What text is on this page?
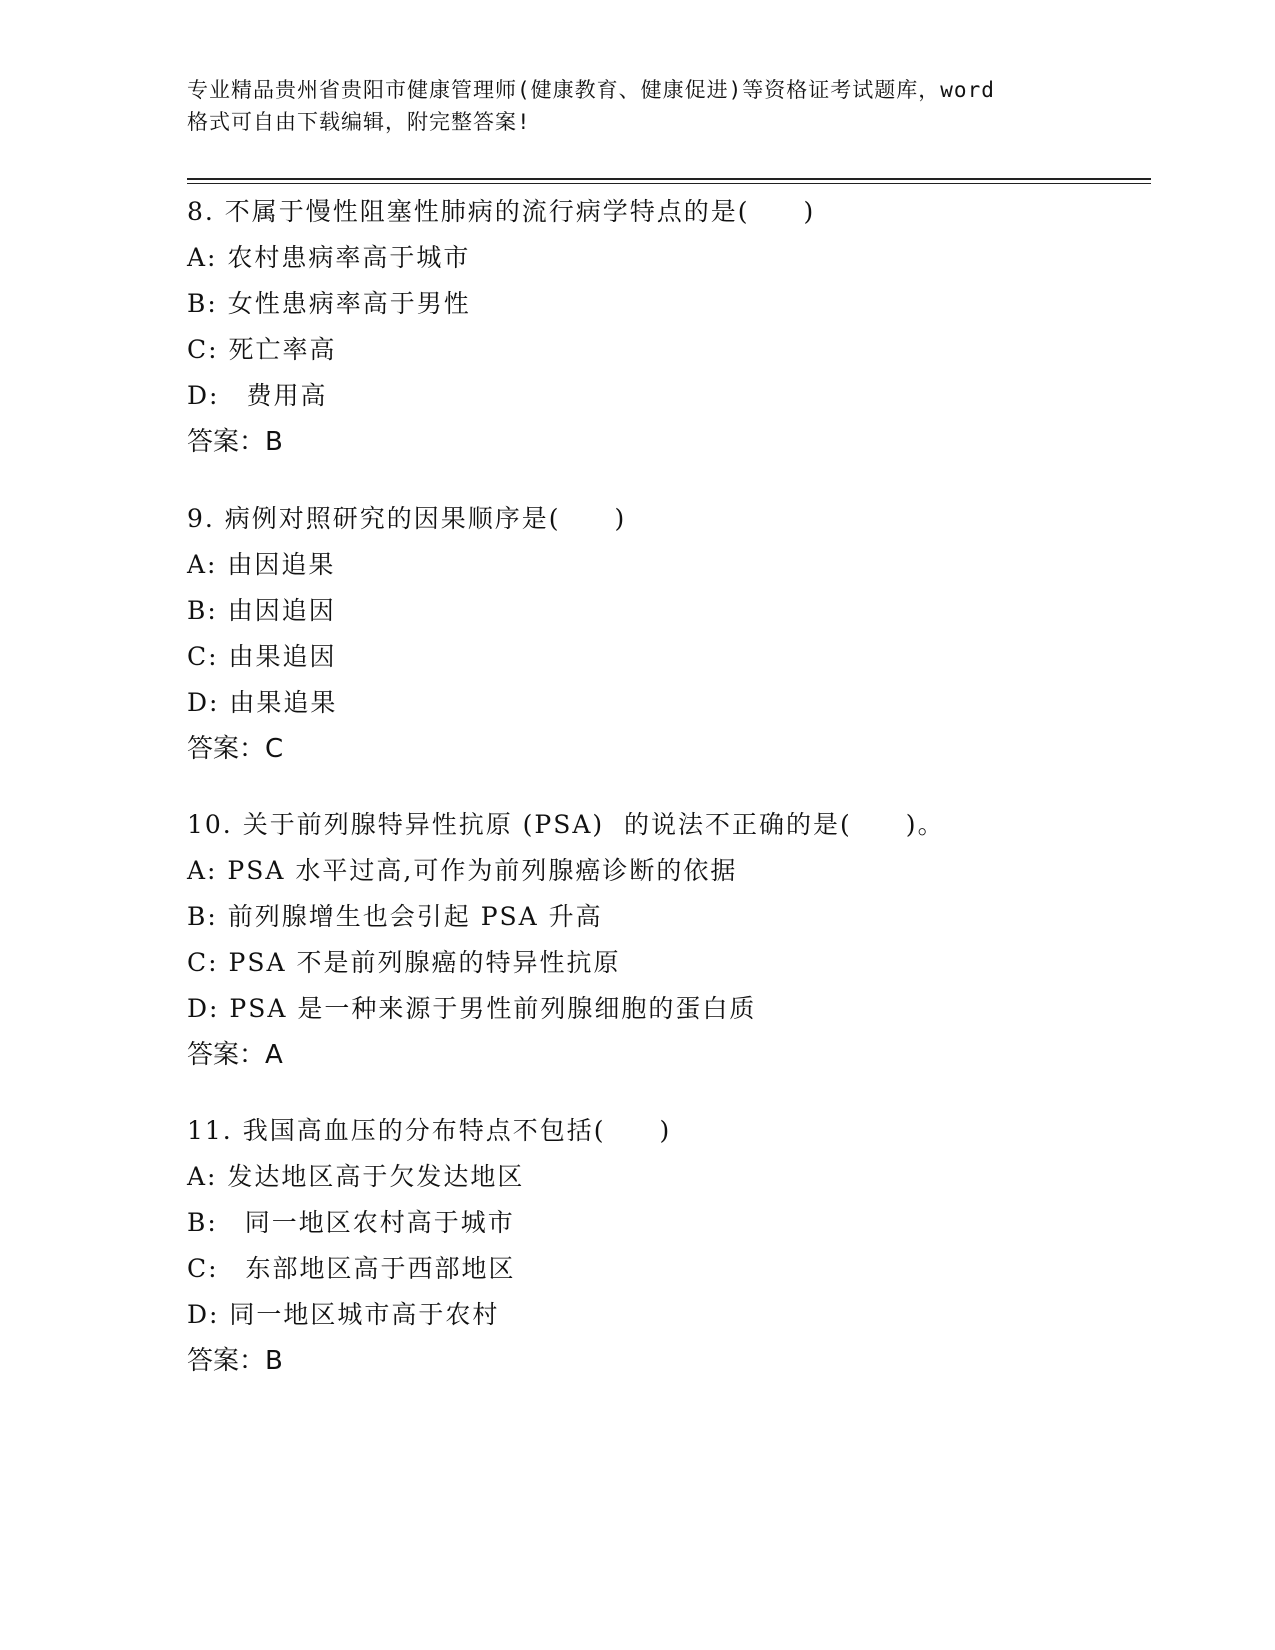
专业精品贵州省贵阳市健康管理师(健康教育、健康促进)等资格证考试题库，word
格式可自由下载编辑，附完整答案!
8. 不属于慢性阻塞性肺病的流行病学特点的是(　　)
A: 农村患病率高于城市
B: 女性患病率高于男性
C: 死亡率高
D:　费用高
答案：B
9. 病例对照研究的因果顺序是(　　)
A: 由因追果
B: 由因追因
C: 由果追因
D: 由果追果
答案：C
10. 关于前列腺特异性抗原 (PSA)  的说法不正确的是(　　)。
A: PSA 水平过高,可作为前列腺癌诊断的依据
B: 前列腺增生也会引起 PSA 升高
C: PSA 不是前列腺癌的特异性抗原
D: PSA 是一种来源于男性前列腺细胞的蛋白质
答案：A
11. 我国高血压的分布特点不包括(　　)
A: 发达地区高于欠发达地区
B:　同一地区农村高于城市
C:　东部地区高于西部地区
D: 同一地区城市高于农村
答案：B
